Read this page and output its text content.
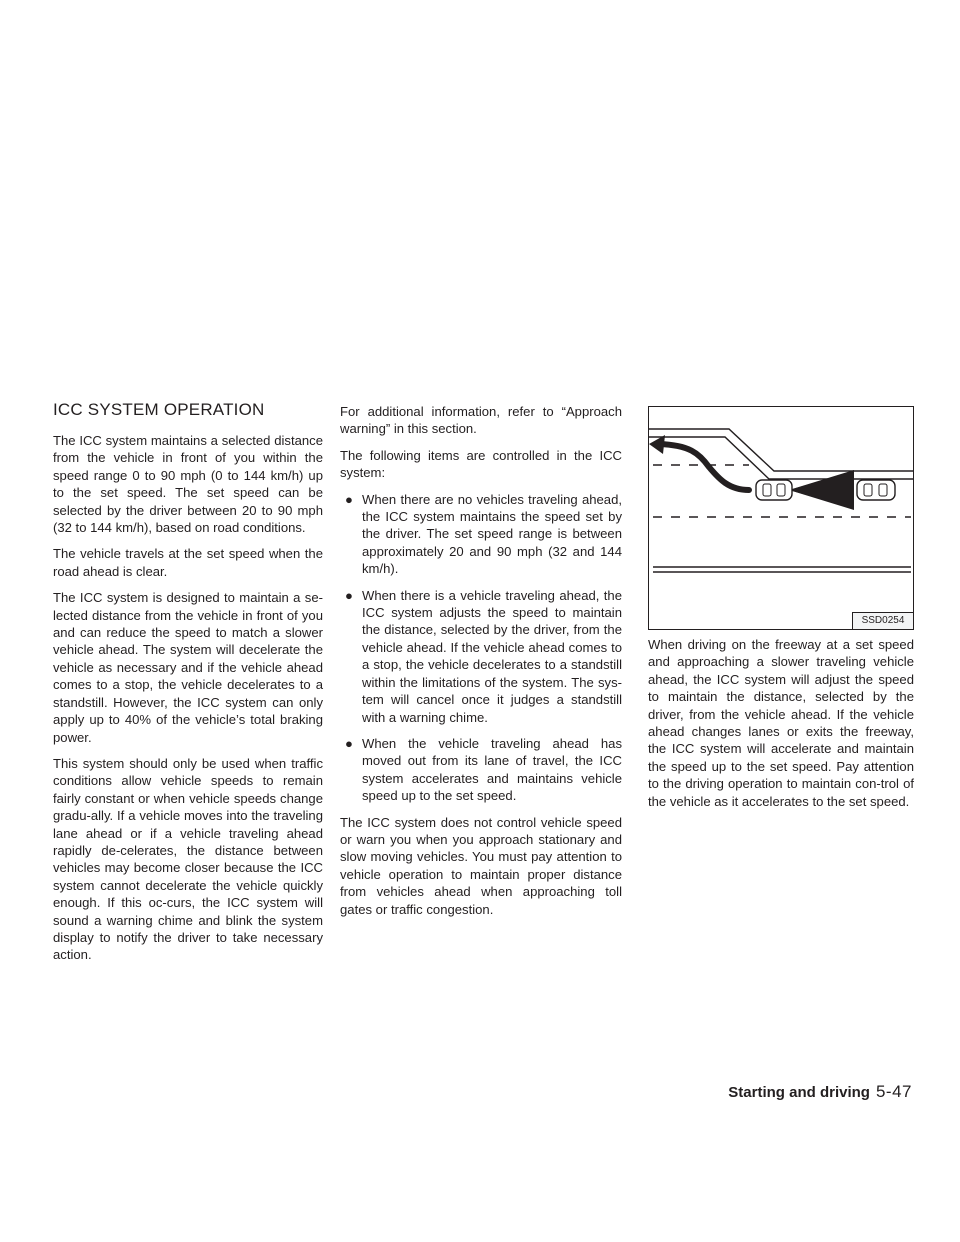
ICC SYSTEM OPERATION

The ICC system maintains a selected distance from the vehicle in front of you within the speed range 0 to 90 mph (0 to 144 km/h) up to the set speed. The set speed can be selected by the driver between 20 to 90 mph (32 to 144 km/h), based on road conditions.

The vehicle travels at the set speed when the road ahead is clear.

The ICC system is designed to maintain a se-lected distance from the vehicle in front of you and can reduce the speed to match a slower vehicle ahead. The system will decelerate the vehicle as necessary and if the vehicle ahead comes to a stop, the vehicle decelerates to a standstill. However, the ICC system can only apply up to 40% of the vehicle’s total braking power.

This system should only be used when traffic conditions allow vehicle speeds to remain fairly constant or when vehicle speeds change gradu-ally. If a vehicle moves into the traveling lane ahead or if a vehicle traveling ahead rapidly de-celerates, the distance between vehicles may become closer because the ICC system cannot decelerate the vehicle quickly enough. If this oc-curs, the ICC system will sound a warning chime and blink the system display to notify the driver to take necessary action.

For additional information, refer to “Approach warning” in this section.

The following items are controlled in the ICC system:

● When there are no vehicles traveling ahead, the ICC system maintains the speed set by the driver. The set speed range is between approximately 20 and 90 mph (32 and 144 km/h).
● When there is a vehicle traveling ahead, the ICC system adjusts the speed to maintain the distance, selected by the driver, from the vehicle ahead. If the vehicle ahead comes to a stop, the vehicle decelerates to a standstill within the limitations of the system. The sys-tem will cancel once it judges a standstill with a warning chime.
● When the vehicle traveling ahead has moved out from its lane of travel, the ICC system accelerates and maintains vehicle speed up to the set speed.

The ICC system does not control vehicle speed or warn you when you approach stationary and slow moving vehicles. You must pay attention to vehicle operation to maintain proper distance from vehicles ahead when approaching toll gates or traffic congestion.

SSD0254

When driving on the freeway at a set speed and approaching a slower traveling vehicle ahead, the ICC system will adjust the speed to maintain the distance, selected by the driver, from the vehicle ahead. If the vehicle ahead changes lanes or exits the freeway, the ICC system will accelerate and maintain the speed up to the set speed. Pay attention to the driving operation to maintain con-trol of the vehicle as it accelerates to the set speed.

Starting and driving 5-47
